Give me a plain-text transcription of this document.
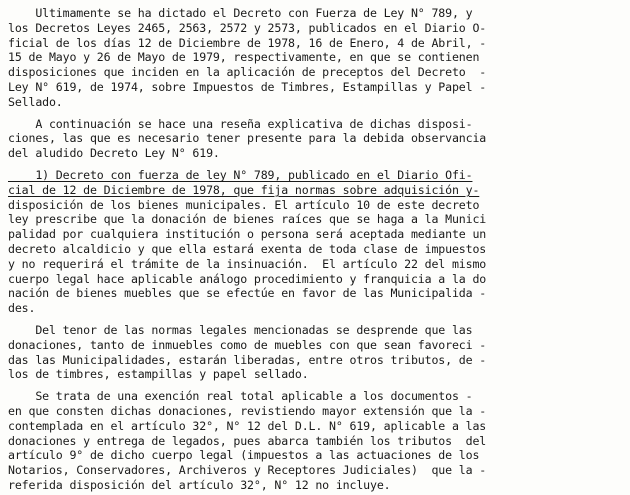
Ultimamente se ha dictado el Decreto con Fuerza de Ley N° 789, y
los Decretos Leyes 2465, 2563, 2572 y 2573, publicados en el Diario O-
ficial de los días 12 de Diciembre de 1978, 16 de Enero, 4 de Abril, -
15 de Mayo y 26 de Mayo de 1979, respectivamente, en que se contienen
disposiciones que inciden en la aplicación de preceptos del Decreto  -
Ley N° 619, de 1974, sobre Impuestos de Timbres, Estampillas y Papel -
Sellado.
A continuación se hace una reseña explicativa de dichas disposi-
ciones, las que es necesario tener presente para la debida observancia
del aludido Decreto Ley N° 619.
1) Decreto con fuerza de ley N° 789, publicado en el Diario Ofi-
cial de 12 de Diciembre de 1978, que fija normas sobre adquisición y-
disposición de los bienes municipales. El artículo 10 de este decreto
ley prescribe que la donación de bienes raíces que se haga a la Munici
palidad por cualquiera institución o persona será aceptada mediante un
decreto alcaldicio y que ella estará exenta de toda clase de impuestos
y no requerirá el trámite de la insinuación.  El artículo 22 del mismo
cuerpo legal hace aplicable análogo procedimiento y franquicia a la do
nación de bienes muebles que se efectúe en favor de las Municipalida -
des.
Del tenor de las normas legales mencionadas se desprende que las
donaciones, tanto de inmuebles como de muebles con que sean favoreci -
das las Municipalidades, estarán liberadas, entre otros tributos, de -
los de timbres, estampillas y papel sellado.
Se trata de una exención real total aplicable a los documentos -
en que consten dichas donaciones, revistiendo mayor extensión que la -
contemplada en el artículo 32°, N° 12 del D.L. N° 619, aplicable a las
donaciones y entrega de legados, pues abarca también los tributos  del
artículo 9° de dicho cuerpo legal (impuestos a las actuaciones de los
Notarios, Conservadores, Archiveros y Receptores Judiciales)  que la -
referida disposición del artículo 32°, N° 12 no incluye.
